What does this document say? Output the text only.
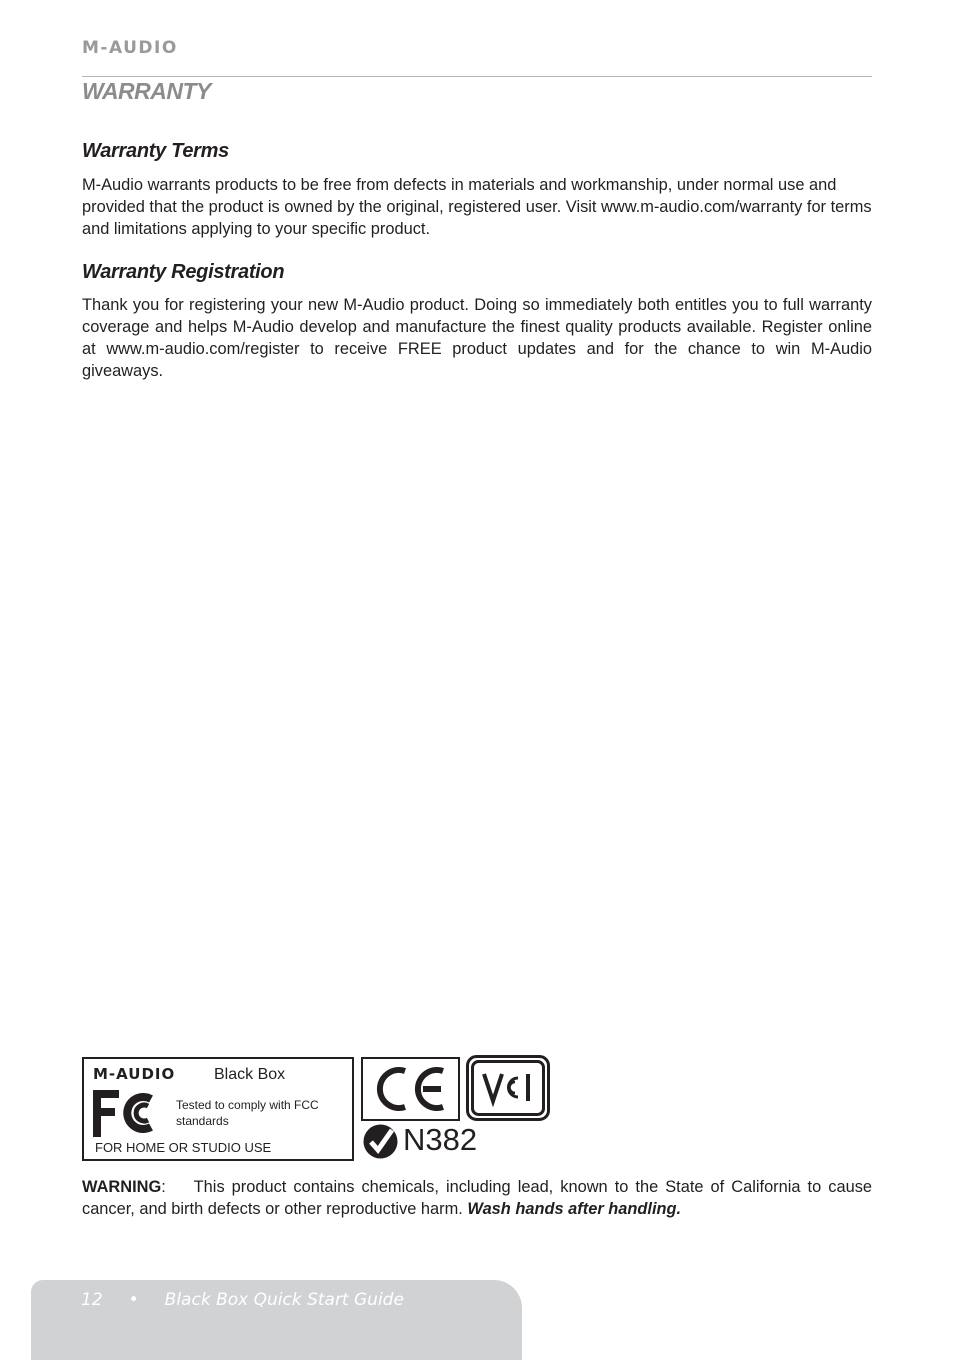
M-AUDIO
WARRANTY
Warranty Terms

M-Audio warrants products to be free from defects in materials and workmanship, under normal use and provided that the product is owned by the original, registered user. Visit www.m-audio.com/warranty for terms and limitations applying to your specific product.

Warranty Registration

Thank you for registering your new M-Audio product. Doing so immediately both entitles you to full warranty coverage and helps M-Audio develop and manufacture the finest quality products available. Register online at www.m-audio.com/register to receive FREE product updates and for the chance to win M-Audio giveaways.

M-AUDIO Black Box
Tested to comply with FCC standards
FOR HOME OR STUDIO USE	N382

WARNING: This product contains chemicals, including lead, known to the State of California to cause cancer, and birth defects or other reproductive harm. Wash hands after handling.

12 • Black Box Quick Start Guide
